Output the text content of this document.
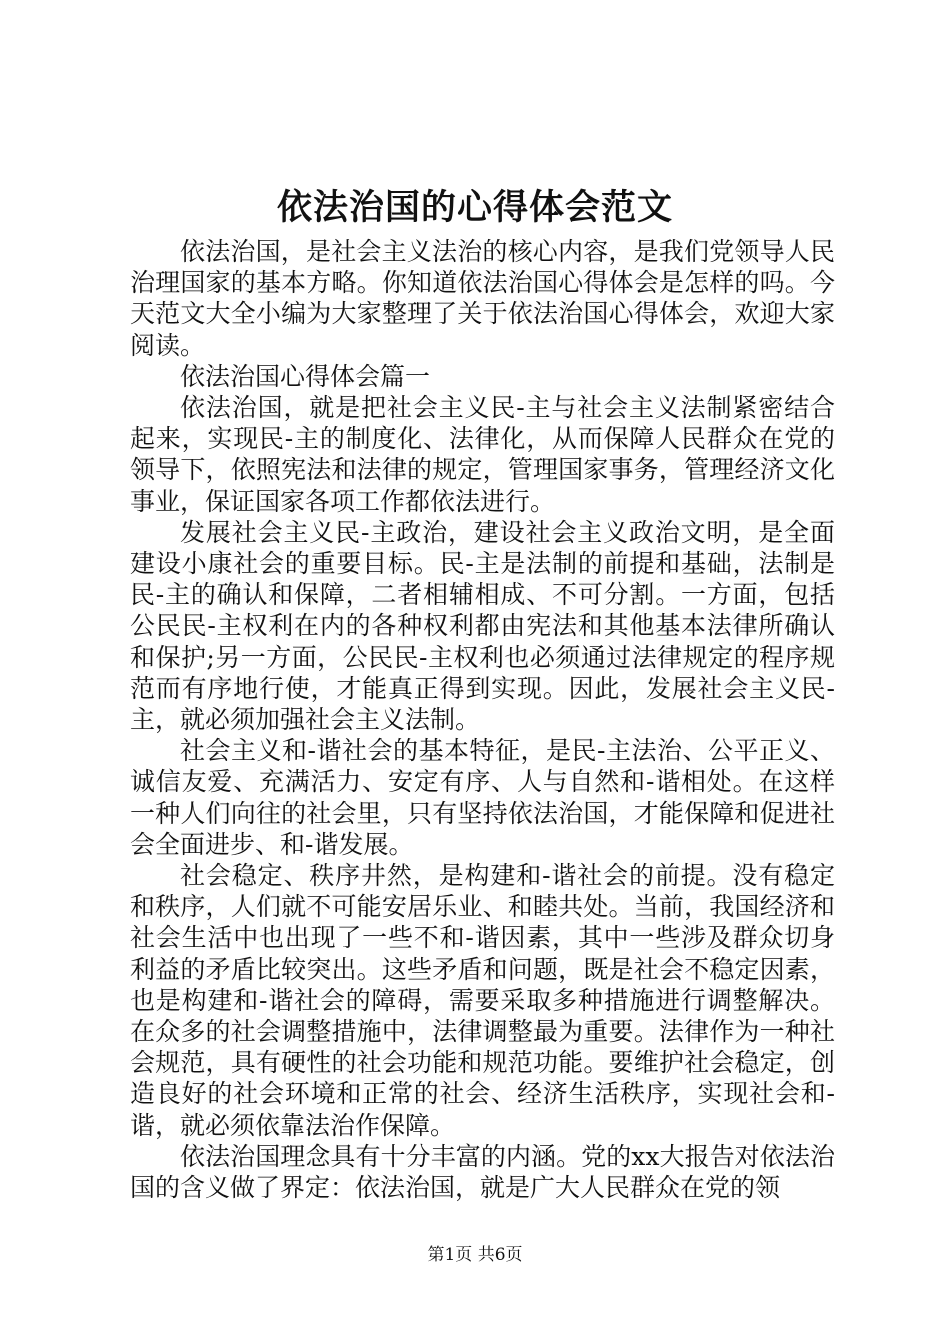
依法治国的心得体会范文

依法治国，是社会主义法治的核心内容，是我们党领导人民治理国家的基本方略。你知道依法治国心得体会是怎样的吗。今天范文大全小编为大家整理了关于依法治国心得体会，欢迎大家阅读。

依法治国心得体会篇一

依法治国，就是把社会主义民-主与社会主义法制紧密结合起来，实现民-主的制度化、法律化，从而保障人民群众在党的领导下，依照宪法和法律的规定，管理国家事务，管理经济文化事业，保证国家各项工作都依法进行。

发展社会主义民-主政治，建设社会主义政治文明，是全面建设小康社会的重要目标。民-主是法制的前提和基础，法制是民-主的确认和保障，二者相辅相成、不可分割。一方面，包括公民民-主权利在内的各种权利都由宪法和其他基本法律所确认和保护;另一方面，公民民-主权利也必须通过法律规定的程序规范而有序地行使，才能真正得到实现。因此，发展社会主义民-主，就必须加强社会主义法制。

社会主义和-谐社会的基本特征，是民-主法治、公平正义、诚信友爱、充满活力、安定有序、人与自然和-谐相处。在这样一种人们向往的社会里，只有坚持依法治国，才能保障和促进社会全面进步、和-谐发展。

社会稳定、秩序井然，是构建和-谐社会的前提。没有稳定和秩序，人们就不可能安居乐业、和睦共处。当前，我国经济和社会生活中也出现了一些不和-谐因素，其中一些涉及群众切身利益的矛盾比较突出。这些矛盾和问题，既是社会不稳定因素，也是构建和-谐社会的障碍，需要采取多种措施进行调整解决。在众多的社会调整措施中，法律调整最为重要。法律作为一种社会规范，具有硬性的社会功能和规范功能。要维护社会稳定，创造良好的社会环境和正常的社会、经济生活秩序，实现社会和-谐，就必须依靠法治作保障。

依法治国理念具有十分丰富的内涵。党的xx大报告对依法治国的含义做了界定：依法治国，就是广大人民群众在党的领

第1页 共6页
